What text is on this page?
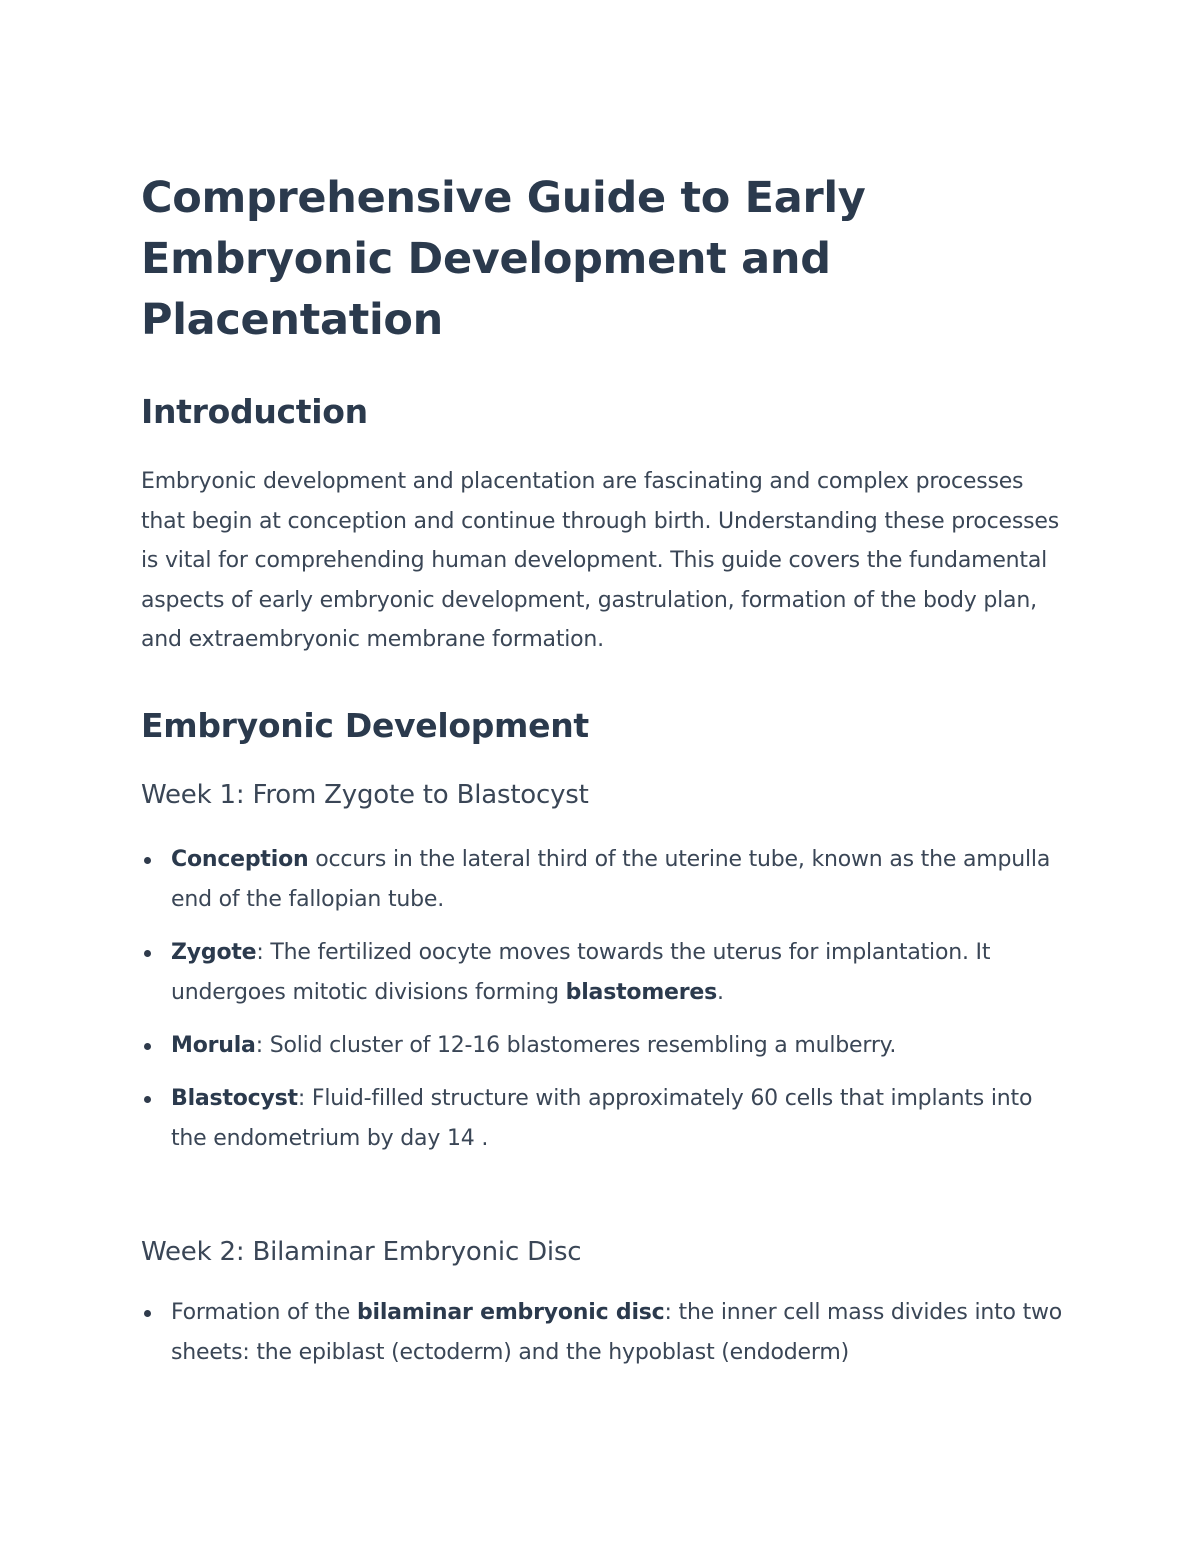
Comprehensive Guide to Early Embryonic Development and Placentation
Introduction

Embryonic development and placentation are fascinating and complex processes that begin at conception and continue through birth. Understanding these processes is vital for comprehending human development. This guide covers the fundamental aspects of early embryonic development, gastrulation, formation of the body plan, and extraembryonic membrane formation.

Embryonic Development
Week 1: From Zygote to Blastocyst
Conception occurs in the lateral third of the uterine tube, known as the ampulla end of the fallopian tube.
Zygote: The fertilized oocyte moves towards the uterus for implantation. It undergoes mitotic divisions forming blastomeres.
Morula: Solid cluster of 12-16 blastomeres resembling a mulberry.
Blastocyst: Fluid-filled structure with approximately 60 cells that implants into the endometrium by day 14 .
Week 2: Bilaminar Embryonic Disc
Formation of the bilaminar embryonic disc: the inner cell mass divides into two sheets: the epiblast (ectoderm) and the hypoblast (endoderm)
